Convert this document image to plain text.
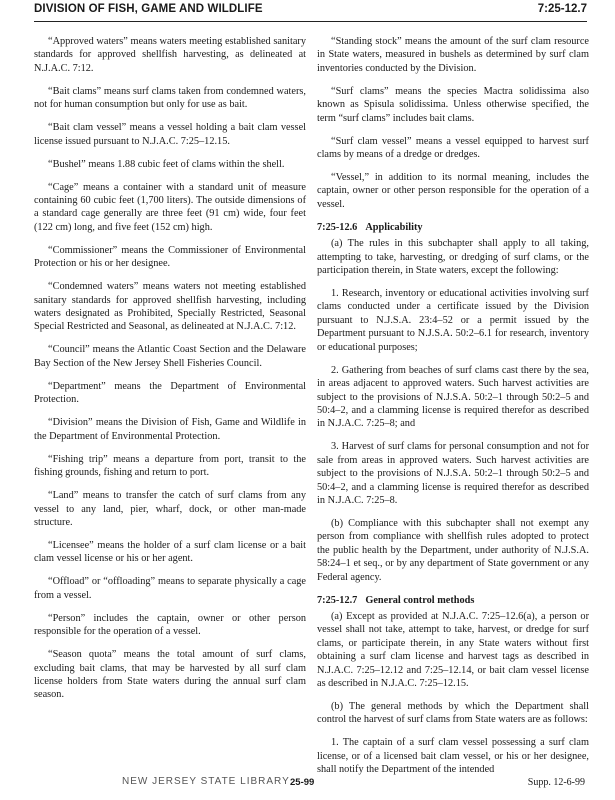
DIVISION OF FISH, GAME AND WILDLIFE	7:25-12.7

“Approved waters” means waters meeting established sanitary standards for approved shellfish harvesting, as delineated at N.J.A.C. 7:12.

“Bait clams” means surf clams taken from condemned waters, not for human consumption but only for use as bait.

“Bait clam vessel” means a vessel holding a bait clam vessel license issued pursuant to N.J.A.C. 7:25–12.15.

“Bushel” means 1.88 cubic feet of clams within the shell.

“Cage” means a container with a standard unit of measure containing 60 cubic feet (1,700 liters). The outside dimensions of a standard cage generally are three feet (91 cm) wide, four feet (122 cm) long, and five feet (152 cm) high.

“Commissioner” means the Commissioner of Environmental Protection or his or her designee.

“Condemned waters” means waters not meeting established sanitary standards for approved shellfish harvesting, including waters designated as Prohibited, Specially Restricted, Seasonal Special Restricted and Seasonal, as delineated at N.J.A.C. 7:12.

“Council” means the Atlantic Coast Section and the Delaware Bay Section of the New Jersey Shell Fisheries Council.

“Department” means the Department of Environmental Protection.

“Division” means the Division of Fish, Game and Wildlife in the Department of Environmental Protection.

“Fishing trip” means a departure from port, transit to the fishing grounds, fishing and return to port.

“Land” means to transfer the catch of surf clams from any vessel to any land, pier, wharf, dock, or other man-made structure.

“Licensee” means the holder of a surf clam license or a bait clam vessel license or his or her agent.

“Offload” or “offloading” means to separate physically a cage from a vessel.

“Person” includes the captain, owner or other person responsible for the operation of a vessel.

“Season quota” means the total amount of surf clams, excluding bait clams, that may be harvested by all surf clam license holders from State waters during the annual surf clam season.

“Standing stock” means the amount of the surf clam resource in State waters, measured in bushels as determined by surf clam inventories conducted by the Division.

“Surf clams” means the species Mactra solidissima also known as Spisula solidissima. Unless otherwise specified, the term “surf clams” includes bait clams.

“Surf clam vessel” means a vessel equipped to harvest surf clams by means of a dredge or dredges.

“Vessel,” in addition to its normal meaning, includes the captain, owner or other person responsible for the operation of a vessel.

7:25-12.6 Applicability

(a) The rules in this subchapter shall apply to all taking, attempting to take, harvesting, or dredging of surf clams, or the participation therein, in State waters, except the following:

1. Research, inventory or educational activities involving surf clams conducted under a certificate issued by the Division pursuant to N.J.S.A. 23:4–52 or a permit issued by the Department pursuant to N.J.S.A. 50:2–6.1 for research, inventory or educational purposes;

2. Gathering from beaches of surf clams cast there by the sea, in areas adjacent to approved waters. Such harvest activities are subject to the provisions of N.J.S.A. 50:2–1 through 50:2–5 and 50:4–2, and a clamming license is required therefor as described in N.J.A.C. 7:25–8; and

3. Harvest of surf clams for personal consumption and not for sale from areas in approved waters. Such harvest activities are subject to the provisions of N.J.S.A. 50:2–1 through 50:2–5 and 50:4–2, and a clamming license is required therefor as described in N.J.A.C. 7:25–8.

(b) Compliance with this subchapter shall not exempt any person from compliance with shellfish rules adopted to protect the public health by the Department, under authority of N.J.S.A. 58:24–1 et seq., or by any department of State government or any Federal agency.

7:25-12.7 General control methods

(a) Except as provided at N.J.A.C. 7:25–12.6(a), a person or vessel shall not take, attempt to take, harvest, or dredge for surf clams, or participate therein, in any State waters without first obtaining a surf clam license and harvest tags as described in N.J.A.C. 7:25–12.12 and 7:25–12.14, or bait clam vessel license as described in N.J.A.C. 7:25–12.15.

(b) The general methods by which the Department shall control the harvest of surf clams from State waters are as follows:

1. The captain of a surf clam vessel possessing a surf clam license, or of a licensed bait clam vessel, or his or her designee, shall notify the Department of the intended

NEW JERSEY STATE LIBRARY 25-99	Supp. 12-6-99
